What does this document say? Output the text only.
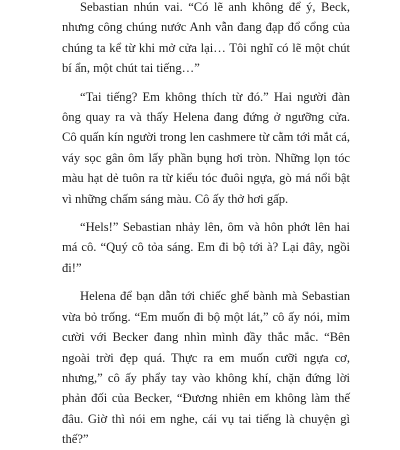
Sebastian nhún vai. “Có lẽ anh không để ý, Beck, nhưng công chúng nước Anh vẫn đang đạp đổ cổng của chúng ta kể từ khi mở cửa lại… Tôi nghĩ có lẽ một chút bí ẩn, một chút tai tiếng…”

“Tai tiếng? Em không thích từ đó.” Hai người đàn ông quay ra và thấy Helena đang đứng ở ngưỡng cửa. Cô quấn kín người trong len cashmere từ cằm tới mắt cá, váy sọc gân ôm lấy phần bụng hơi tròn. Những lọn tóc màu hạt dẻ tuôn ra từ kiểu tóc đuôi ngựa, gò má nổi bật vì những chấm sáng màu. Cô ấy thở hơi gấp.

“Hels!” Sebastian nhảy lên, ôm và hôn phớt lên hai má cô. “Quý cô tỏa sáng. Em đi bộ tới à? Lại đây, ngồi đi!”

Helena để bạn dẫn tới chiếc ghế bành mà Sebastian vừa bỏ trống. “Em muốn đi bộ một lát,” cô ấy nói, mỉm cười với Becker đang nhìn mình đầy thắc mắc. “Bên ngoài trời đẹp quá. Thực ra em muốn cưỡi ngựa cơ, nhưng,” cô ấy phẩy tay vào không khí, chặn đứng lời phản đối của Becker, “Đương nhiên em không làm thế đâu. Giờ thì nói em nghe, cái vụ tai tiếng là chuyện gì thế?”
